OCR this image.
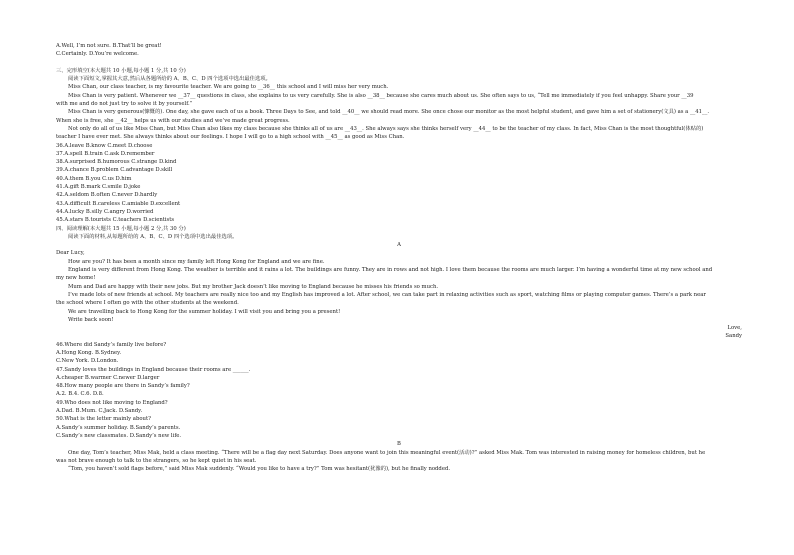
A.Well, I’m not sure. B.That’ll be great!
C.Certainly. D.You’re welcome.
三、完形填空(本大题共 10 小题,每小题 1 分,共 10 分)
阅读下面短文,掌握其大意,然后从各题所给的 A、B、C、D 四个选项中选出最佳选项。
Miss Chan, our class teacher, is my favourite teacher. We are going to __36__ this school and I will miss her very much.
Miss Chan is very patient. Whenever we __37__ questions in class, she explains to us very carefully. She is also __38__ because she cares much about us. She often says to us, “Tell me immediately if you feel unhappy. Share your __39
with me and do not just try to solve it by yourself.”
Miss Chan is very generous(慷慨的). One day, she gave each of us a book. Three Days to See, and told __40__ we should read more. She once chose our monitor as the most helpful student, and gave him a set of stationery(文具) as a __41__.
When she is free, she __42__ helps us with our studies and we’ve made great progress.
Not only do all of us like Miss Chan, but Miss Chan also likes my class because she thinks all of us are __43__. She always says she thinks herself very __44__ to be the teacher of my class. In fact, Miss Chan is the most thoughtful(体贴的)
teacher I have ever met. She always thinks about our feelings. I hope I will go to a high school with __45__ as good as Miss Chan.
36.A.leave B.know C.meet D.choose
37.A.spell B.train C.ask D.remember
38.A.surprised B.humorous C.strange D.kind
39.A.chance B.problem C.advantage D.skill
40.A.them B.you C.us D.him
41.A.gift B.mark C.smile D.joke
42.A.seldom B.often C.never D.hardly
43.A.difficult B.careless C.amiable D.excellent
44.A.lucky B.silly C.angry D.worried
45.A.stars B.tourists C.teachers D.scientists
四、阅读理解(本大题共 15 小题,每小题 2 分,共 30 分)
阅读下面的材料,从每题所给的 A、B、C、D 四个选项中选出最佳选项。
A
Dear Lucy,
How are you? It has been a month since my family left Hong Kong for England and we are fine.
England is very different from Hong Kong. The weather is terrible and it rains a lot. The buildings are funny. They are in rows and not high. I love them because the rooms are much larger. I’m having a wonderful time at my new school and
my new home!
Mum and Dad are happy with their new jobs. But my brother Jack doesn’t like moving to England because he misses his friends so much.
I’ve made lots of new friends at school. My teachers are really nice too and my English has improved a lot. After school, we can take part in relaxing activities such as sport, watching films or playing computer games. There’s a park near
the school where I often go with the other students at the weekend.
We are travelling back to Hong Kong for the summer holiday. I will visit you and bring you a present!
Write back soon!
Love,
Sandy
46.Where did Sandy’s family live before?
A.Hong Kong. B.Sydney.
C.New York. D.London.
47.Sandy loves the buildings in England because their rooms are ______.
A.cheaper B.warmer C.newer D.larger
48.How many people are there in Sandy’s family?
A.2. B.4. C.6. D.8.
49.Who does not like moving to England?
A.Dad. B.Mum. C.Jack. D.Sandy.
50.What is the letter mainly about?
A.Sandy’s summer holiday. B.Sandy’s parents.
C.Sandy’s new classmates. D.Sandy’s new life.
B
One day, Tom’s teacher, Miss Mak, held a class meeting. “There will be a flag day next Saturday. Does anyone want to join this meaningful event(活动)?” asked Miss Mak. Tom was interested in raising money for homeless children, but he
was not brave enough to talk to the strangers, so he kept quiet in his seat.
“Tom, you haven’t sold flags before,” said Miss Mak suddenly. “Would you like to have a try?” Tom was hesitant(犹豫的), but he finally nodded.
